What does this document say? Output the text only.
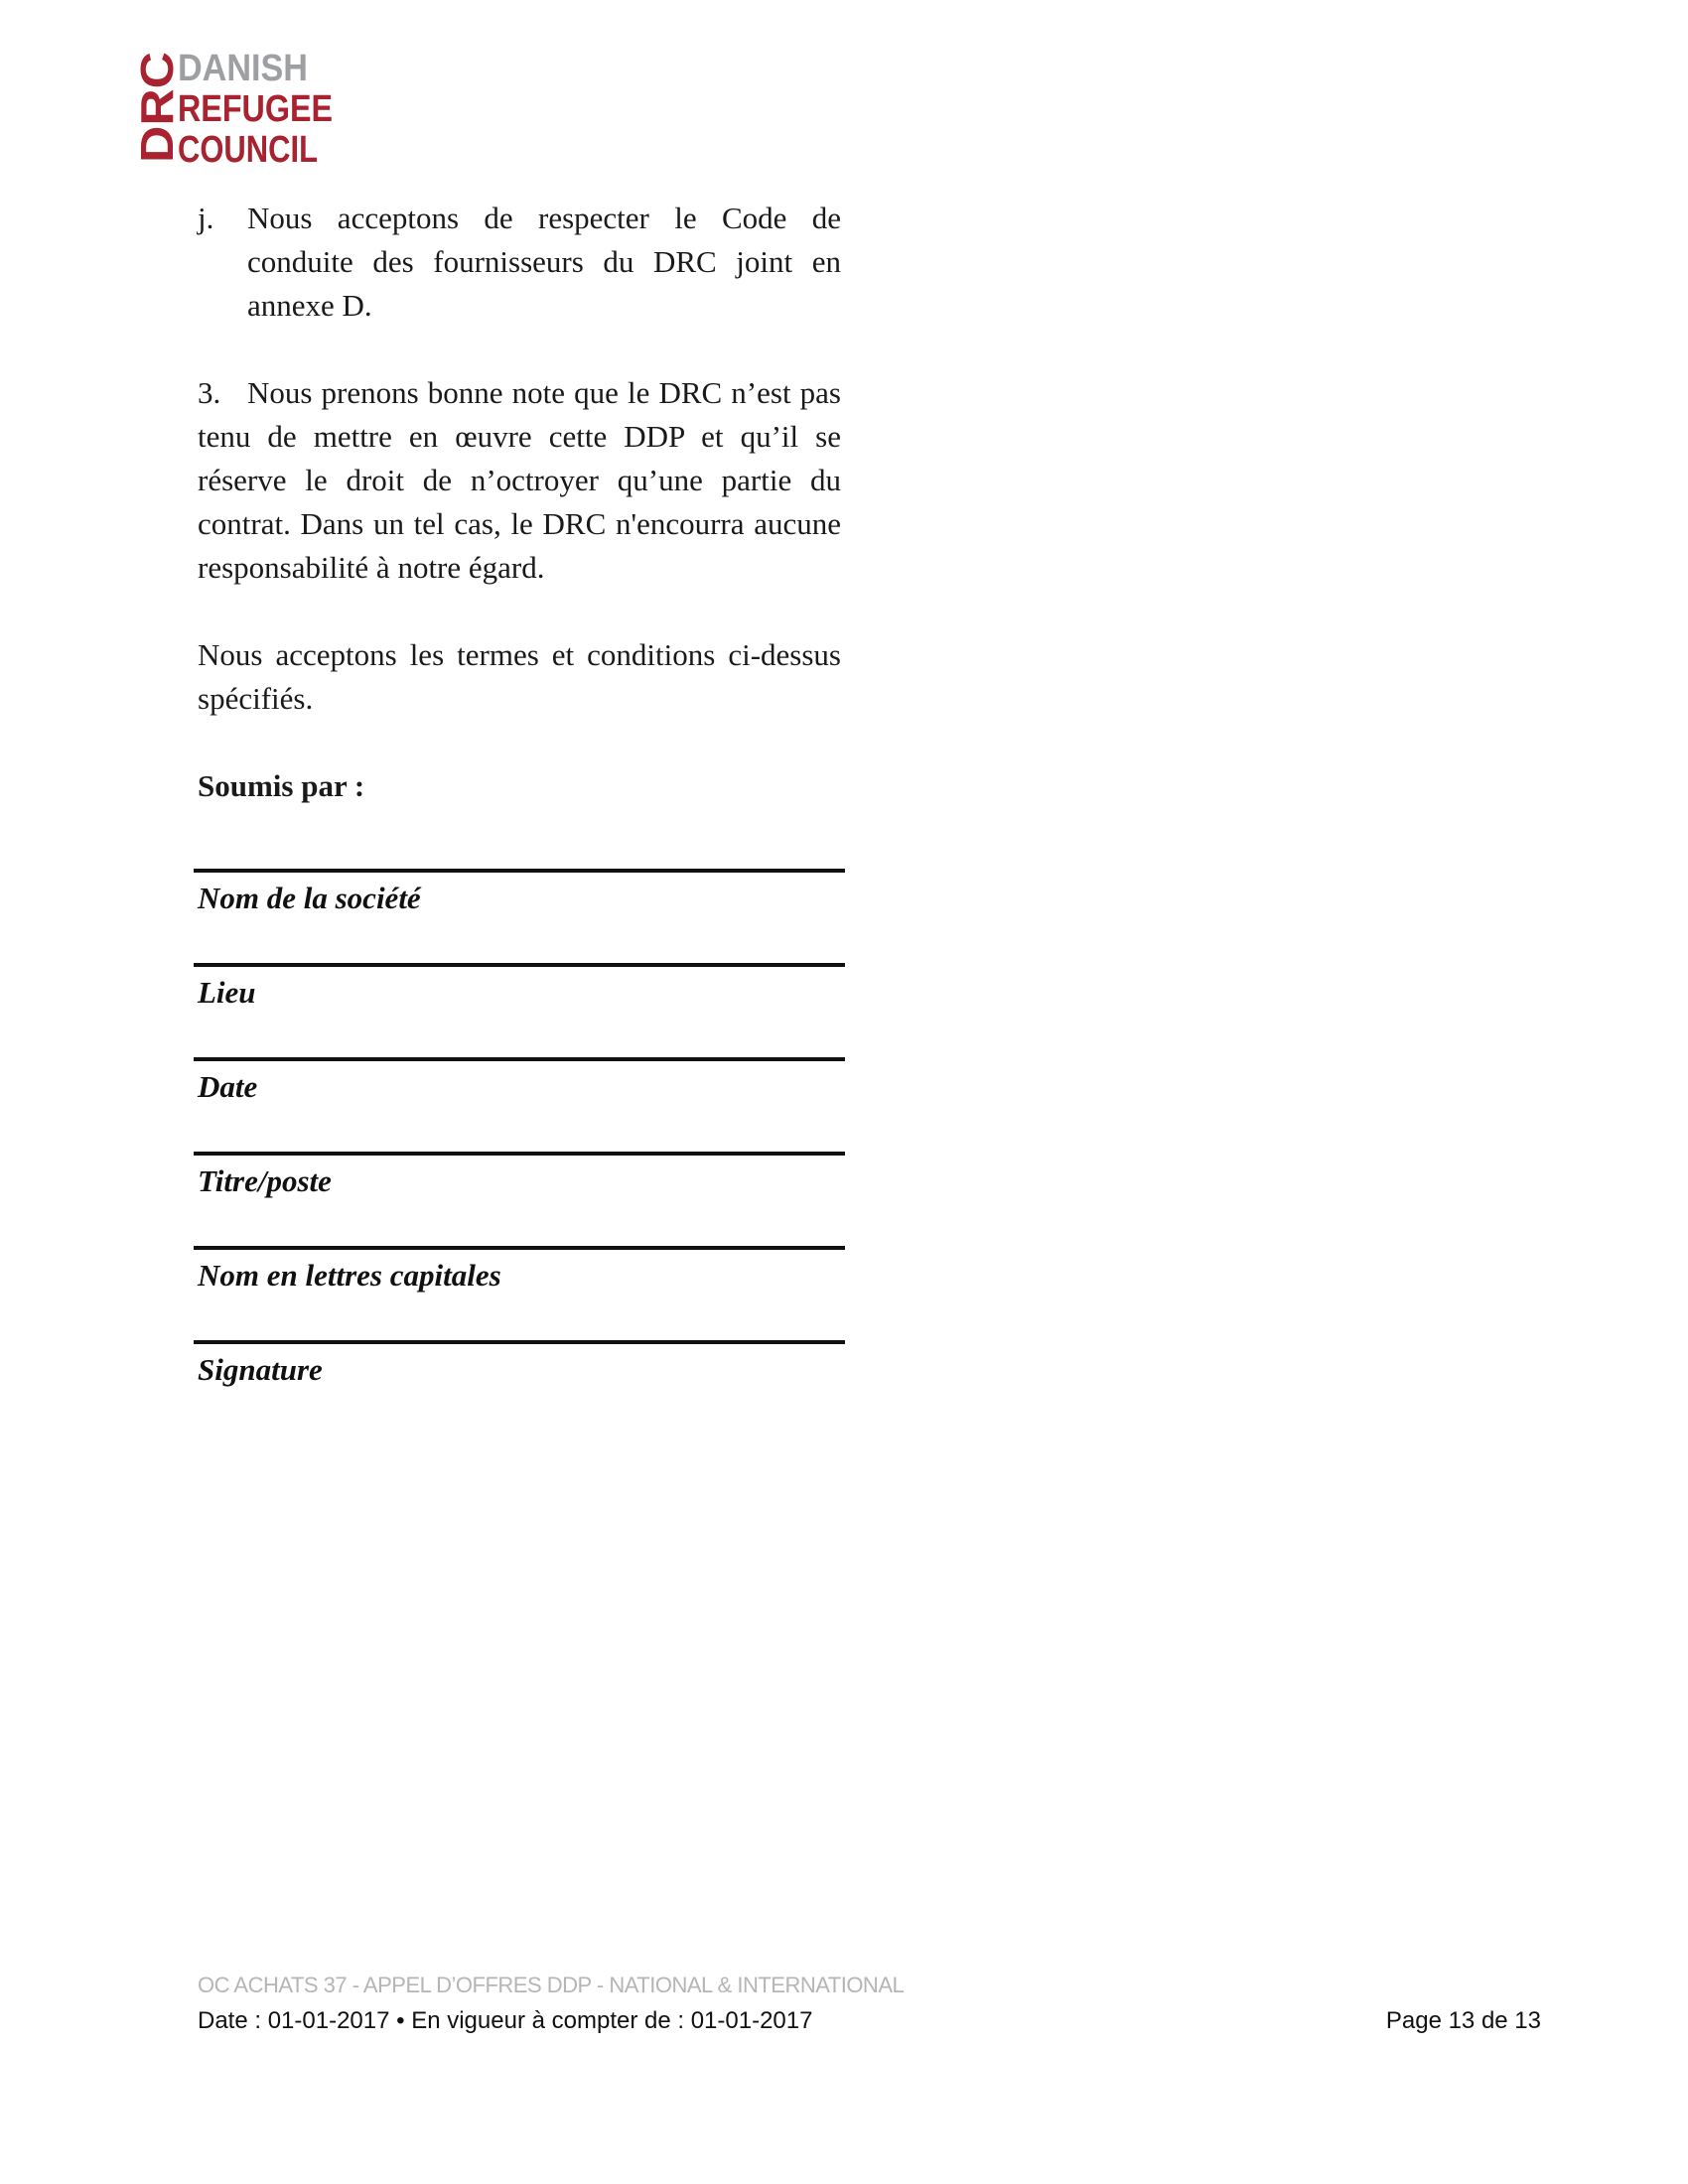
DRC
DANISH
REFUGEE
COUNCIL
j.	Nous acceptons de respecter le Code de conduite des fournisseurs du DRC joint en annexe D.
3. Nous prenons bonne note que le DRC n’est pas tenu de mettre en œuvre cette DDP et qu’il se réserve le droit de n’octroyer qu’une partie du contrat. Dans un tel cas, le DRC n'encourra aucune responsabilité à notre égard.
Nous acceptons les termes et conditions ci-dessus spécifiés.
Soumis par :
Nom de la société
Lieu
Date
Titre/poste
Nom en lettres capitales
Signature
OC ACHATS 37 - APPEL D’OFFRES DDP - NATIONAL & INTERNATIONAL
Date : 01-01-2017 • En vigueur à compter de : 01-01-2017	Page 13 de 13
